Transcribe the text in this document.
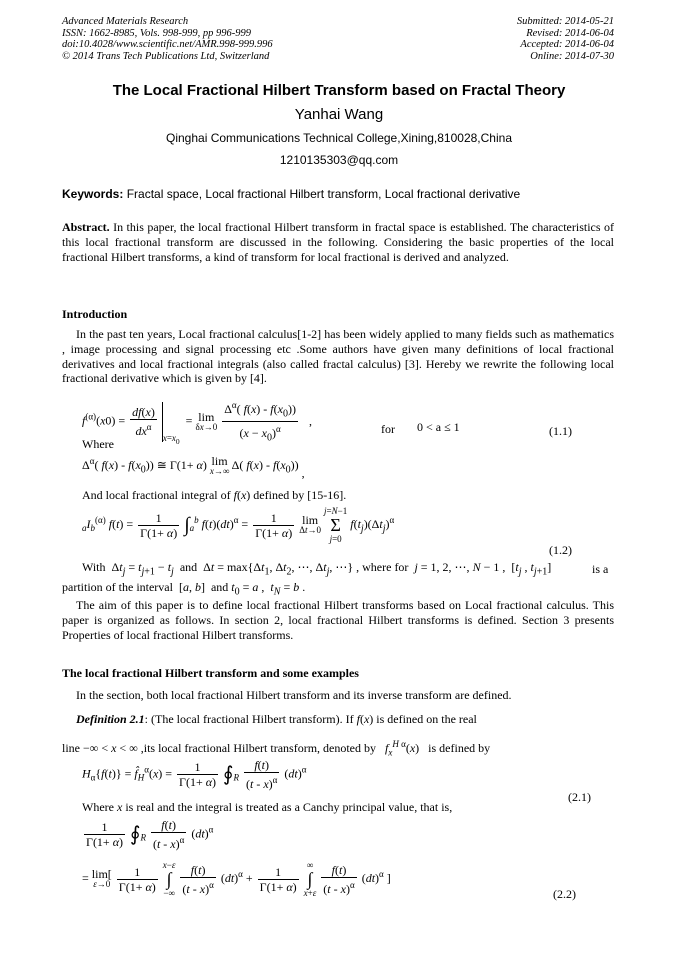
Advanced Materials Research
ISSN: 1662-8985, Vols. 998-999, pp 996-999
doi:10.4028/www.scientific.net/AMR.998-999.996
© 2014 Trans Tech Publications Ltd, Switzerland
Submitted: 2014-05-21
Revised: 2014-06-04
Accepted: 2014-06-04
Online: 2014-07-30
The Local Fractional Hilbert Transform based on Fractal Theory
Yanhai Wang
Qinghai Communications Technical College,Xining,810028,China
1210135303@qq.com
Keywords: Fractal space, Local fractional Hilbert transform, Local fractional derivative
Abstract. In this paper, the local fractional Hilbert transform in fractal space is established. The characteristics of this local fractional transform are discussed in the following. Considering the basic properties of the local fractional Hilbert transforms, a kind of transform for local fractional is derived and analyzed.
Introduction
In the past ten years, Local fractional calculus[1-2] has been widely applied to many fields such as mathematics , image processing and signal processing etc .Some authors have given many definitions of local fractional derivatives and local fractional integrals (also called fractal calculus) [3]. Hereby we rewrite the following local fractional derivative which is given by [4].
$f^{(\alpha)}(x0) = \frac{df(x)}{dx^\alpha} _{x=x_0} = \lim$
δx→0
$\frac{\Delta^\alpha( f(x) - f(x_0))}{(x - x_0)^\alpha}$ ,
for 0 < a ≤ 1	(1.1)
Where
$\Delta^\alpha$( $f(x) - f(x_0)$) ≅ Γ(1+ α) lim
x→∞ Δ( $f(x) - f(x_0)$) ,
And local fractional integral of f(x) defined by [15-16].
$_aI_b^{(\alpha)}$ $f(t) = \frac{1}{\Gamma(1+ \alpha)} \int_a^b$ $f(t)(dt)^\alpha = \frac{1}{\Gamma(1+ \alpha)}$ lim
Δt→0

j=N−1
Σ
j=0
$f(t_j)(\Delta t_j)^\alpha$
(1.2)
With  $\Delta t_j = t_{j+1} - t_j$ and  $\Delta t = \max\{\Delta t_1$, $\Delta t_2$, ⋯, $\Delta t_j$, ⋯} , where for j = 1, 2, ⋯, N − 1 ,  [$t_j$ , $t_{j+1}$]	is a
partition of the interval  [a, b]  and $t_0 = a$ ,  $t_N = b$ .
The aim of this paper is to define local fractional Hilbert transforms based on Local fractional calculus. This paper is organized as follows. In section 2, local fractional Hilbert transforms is defined. Section 3 presents Properties of local fractional Hilbert transforms.
The local fractional Hilbert transform and some examples
In the section, both local fractional Hilbert transform and its inverse transform are defined.
Definition 2.1: (The local fractional Hilbert transform). If f(x) is defined on the real
line −∞ < x < ∞ ,its local fractional Hilbert transform, denoted by $f_x^{H \alpha}(x)$   is defined by
$H_\alpha\{f(t)\}$ = $f̂_H^\alpha(x) = \frac{1}{\Gamma(1+ \alpha)}$ $∮_R \frac{f(t)}{(t - x)^\alpha} (dt)^\alpha$
(2.1)
Where x is real and the integral is treated as a Canchy principal value, that is,
$\frac{1}{\Gamma(1+ \alpha)}$ $∮_R \frac{f(t)}{(t - x)^\alpha} (dt)^\alpha$
= lim[
ε→0
$\frac{1}{\Gamma(1+ \alpha)}$
x−ε
∫
−∞
$\frac{f(t)}{(t - x)^\alpha} (dt)^\alpha + \frac{1}{\Gamma(1+ \alpha)}$
∞
∫
x+ε
$\frac{f(t)}{(t - x)^\alpha} (dt)^\alpha$ ]
(2.2)
